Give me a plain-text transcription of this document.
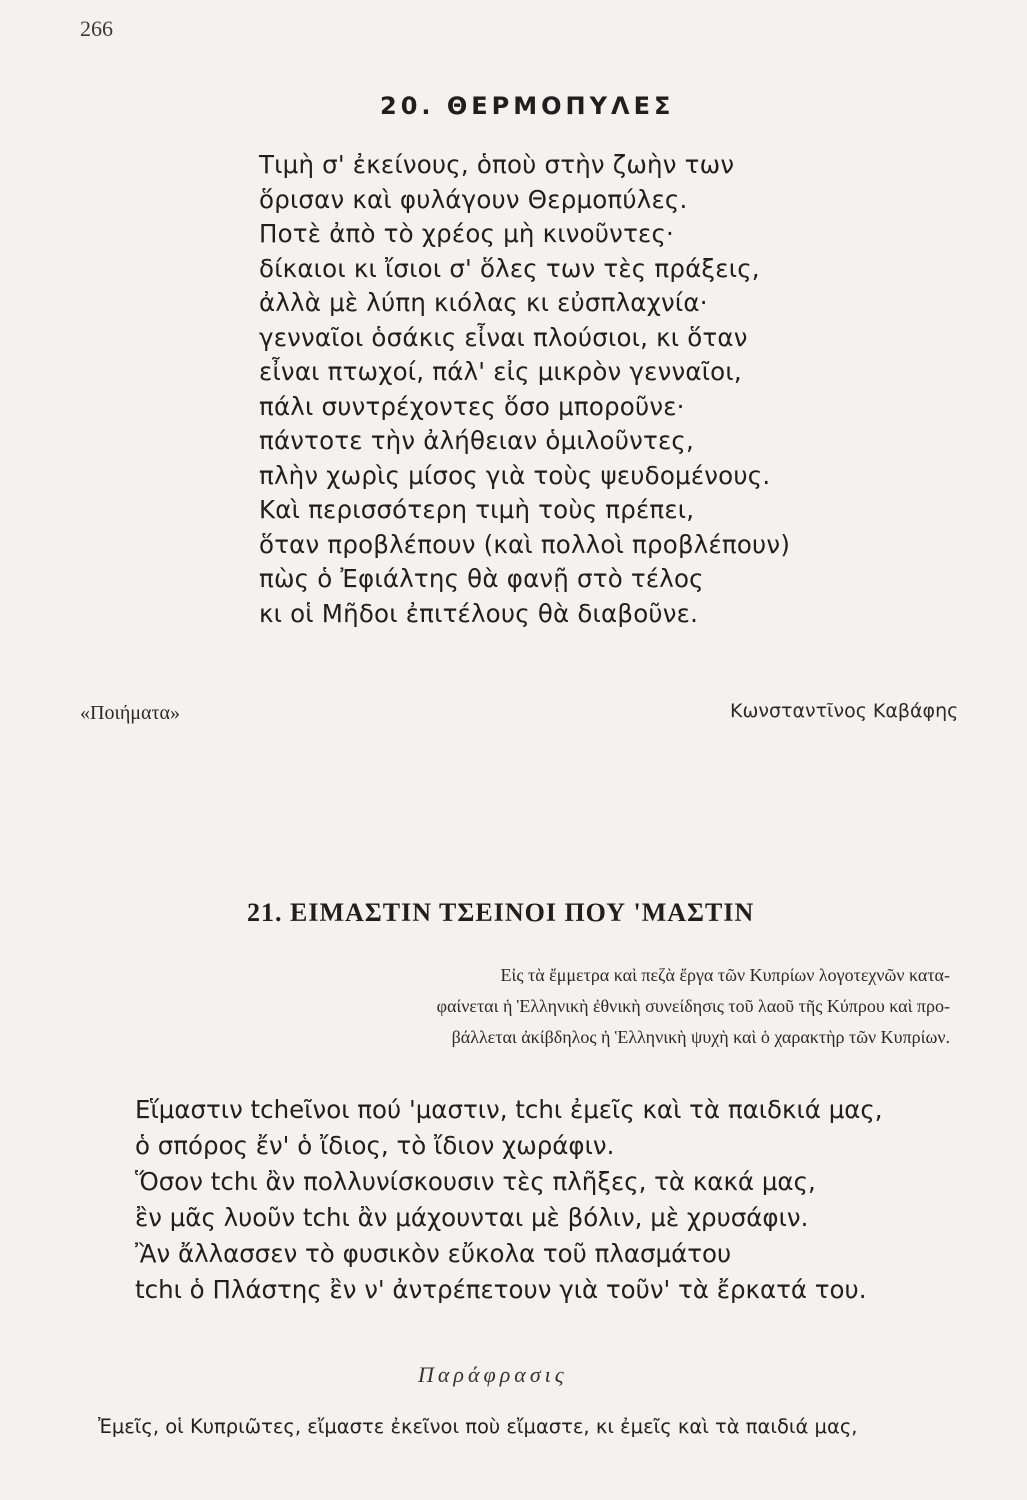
266
20. ΘΕΡΜΟΠΥΛΕΣ
Τιμὴ σ' ἐκείνους, ὁποὺ στὴν ζωὴν των
ὅρισαν καὶ φυλάγουν Θερμοπύλες.
Ποτὲ ἀπὸ τὸ χρέος μὴ κινοῦντες·
δίκαιοι κι ἴσιοι σ' ὅλες των τὲς πράξεις,
ἀλλὰ μὲ λύπη κιόλας κι εὐσπλαχνία·
γενναῖοι ὁσάκις εἶναι πλούσιοι, κι ὅταν
εἶναι πτωχοί, πάλ' εἰς μικρὸν γενναῖοι,
πάλι συντρέχοντες ὅσο μποροῦνε·
πάντοτε τὴν ἀλήθειαν ὁμιλοῦντες,
πλὴν χωρὶς μίσος γιὰ τοὺς ψευδομένους.
Καὶ περισσότερη τιμὴ τοὺς πρέπει,
ὅταν προβλέπουν (καὶ πολλοὶ προβλέπουν)
πὼς ὁ Ἐφιάλτης θὰ φανῇ στὸ τέλος
κι οἱ Μῆδοι ἐπιτέλους θὰ διαβοῦνε.
«Ποιήματα»	Κωνσταντῖνος Καβάφης
21. ΕΙΜΑΣΤΙΝ ΤΣΕΙΝΟΙ ΠΟΥ 'ΜΑΣΤΙΝ
Εἰς τὰ ἔμμετρα καὶ πεζὰ ἔργα τῶν Κυπρίων λογοτεχνῶν κατα-
φαίνεται ἡ Ἑλληνικὴ ἐθνικὴ συνείδησις τοῦ λαοῦ τῆς Κύπρου καὶ προ-
βάλλεται ἀκίβδηλος ἡ Ἑλληνικὴ ψυχὴ καὶ ὁ χαρακτὴρ τῶν Κυπρίων.
Εἵμαστιν tcheῖνοι πού 'μαστιν, tchι ἐμεῖς καὶ τὰ παιδκιά μας,
ὁ σπόρος ἔν' ὁ ἴδιος, τὸ ἴδιον χωράφιν.
Ὅσον tchι ἂν πολλυνίσκουσιν τὲς πλῆξες, τὰ κακά μας,
ἒν μᾶς λυοῦν tchι ἂν μάχουνται μὲ βόλιν, μὲ χρυσάφιν.
Ἂν ἄλλασσεν τὸ φυσικὸν εὔκολα τοῦ πλασμάτου
tchι ὁ Πλάστης ἒν ν' ἀντρέπετουν γιὰ τοῦν' τὰ ἔρκατά του.
Παράφρασις
Ἐμεῖς, οἱ Κυπριῶτες, εἴμαστε ἐκεῖνοι ποὺ εἴμαστε, κι ἐμεῖς καὶ τὰ παιδιά μας,
